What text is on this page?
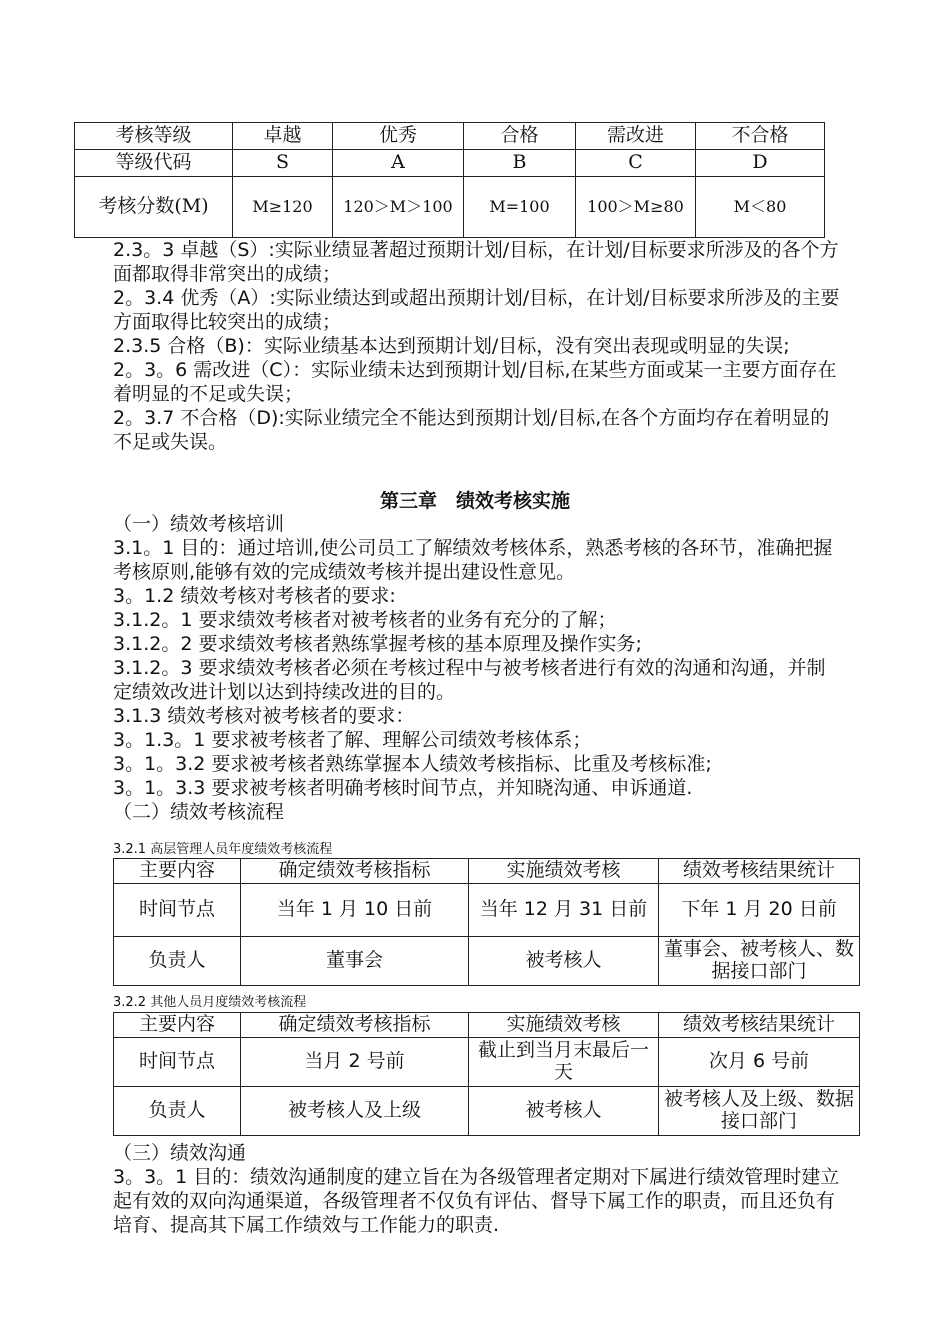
考核等级	卓越	优秀	合格	需改进	不合格
等级代码	S	A	B	C	D
考核分数(M)	M≥120	120＞M＞100	M=100	100＞M≥80	M＜80

2.3。3 卓越（S）:实际业绩显著超过预期计划/目标，在计划/目标要求所涉及的各个方面都取得非常突出的成绩；

2。3.4 优秀（A）:实际业绩达到或超出预期计划/目标，在计划/目标要求所涉及的主要方面取得比较突出的成绩；

2.3.5 合格（B)：实际业绩基本达到预期计划/目标，没有突出表现或明显的失误;

2。3。6 需改进（C）：实际业绩未达到预期计划/目标,在某些方面或某一主要方面存在着明显的不足或失误；

2。3.7 不合格（D):实际业绩完全不能达到预期计划/目标,在各个方面均存在着明显的不足或失误。

第三章　绩效考核实施

（一）绩效考核培训

3.1。1 目的：通过培训,使公司员工了解绩效考核体系，熟悉考核的各环节，准确把握考核原则,能够有效的完成绩效考核并提出建设性意见。

3。1.2 绩效考核对考核者的要求:

3.1.2。1 要求绩效考核者对被考核者的业务有充分的了解；

3.1.2。2 要求绩效考核者熟练掌握考核的基本原理及操作实务;

3.1.2。3 要求绩效考核者必须在考核过程中与被考核者进行有效的沟通和沟通，并制定绩效改进计划以达到持续改进的目的。

3.1.3 绩效考核对被考核者的要求：

3。1.3。1 要求被考核者了解、理解公司绩效考核体系；

3。1。3.2 要求被考核者熟练掌握本人绩效考核指标、比重及考核标准;

3。1。3.3 要求被考核者明确考核时间节点，并知晓沟通、申诉通道.

（二）绩效考核流程

3.2.1 高层管理人员年度绩效考核流程
主要内容	确定绩效考核指标	实施绩效考核	绩效考核结果统计
时间节点	当年 1 月 10 日前	当年 12 月 31 日前	下年 1 月 20 日前
负责人	董事会	被考核人	董事会、被考核人、数据接口部门
3.2.2 其他人员月度绩效考核流程
主要内容	确定绩效考核指标	实施绩效考核	绩效考核结果统计
时间节点	当月 2 号前	截止到当月末最后一天	次月 6 号前
负责人	被考核人及上级	被考核人	被考核人及上级、数据接口部门

（三）绩效沟通

3。3。1 目的：绩效沟通制度的建立旨在为各级管理者定期对下属进行绩效管理时建立起有效的双向沟通渠道，各级管理者不仅负有评估、督导下属工作的职责，而且还负有培育、提高其下属工作绩效与工作能力的职责.
